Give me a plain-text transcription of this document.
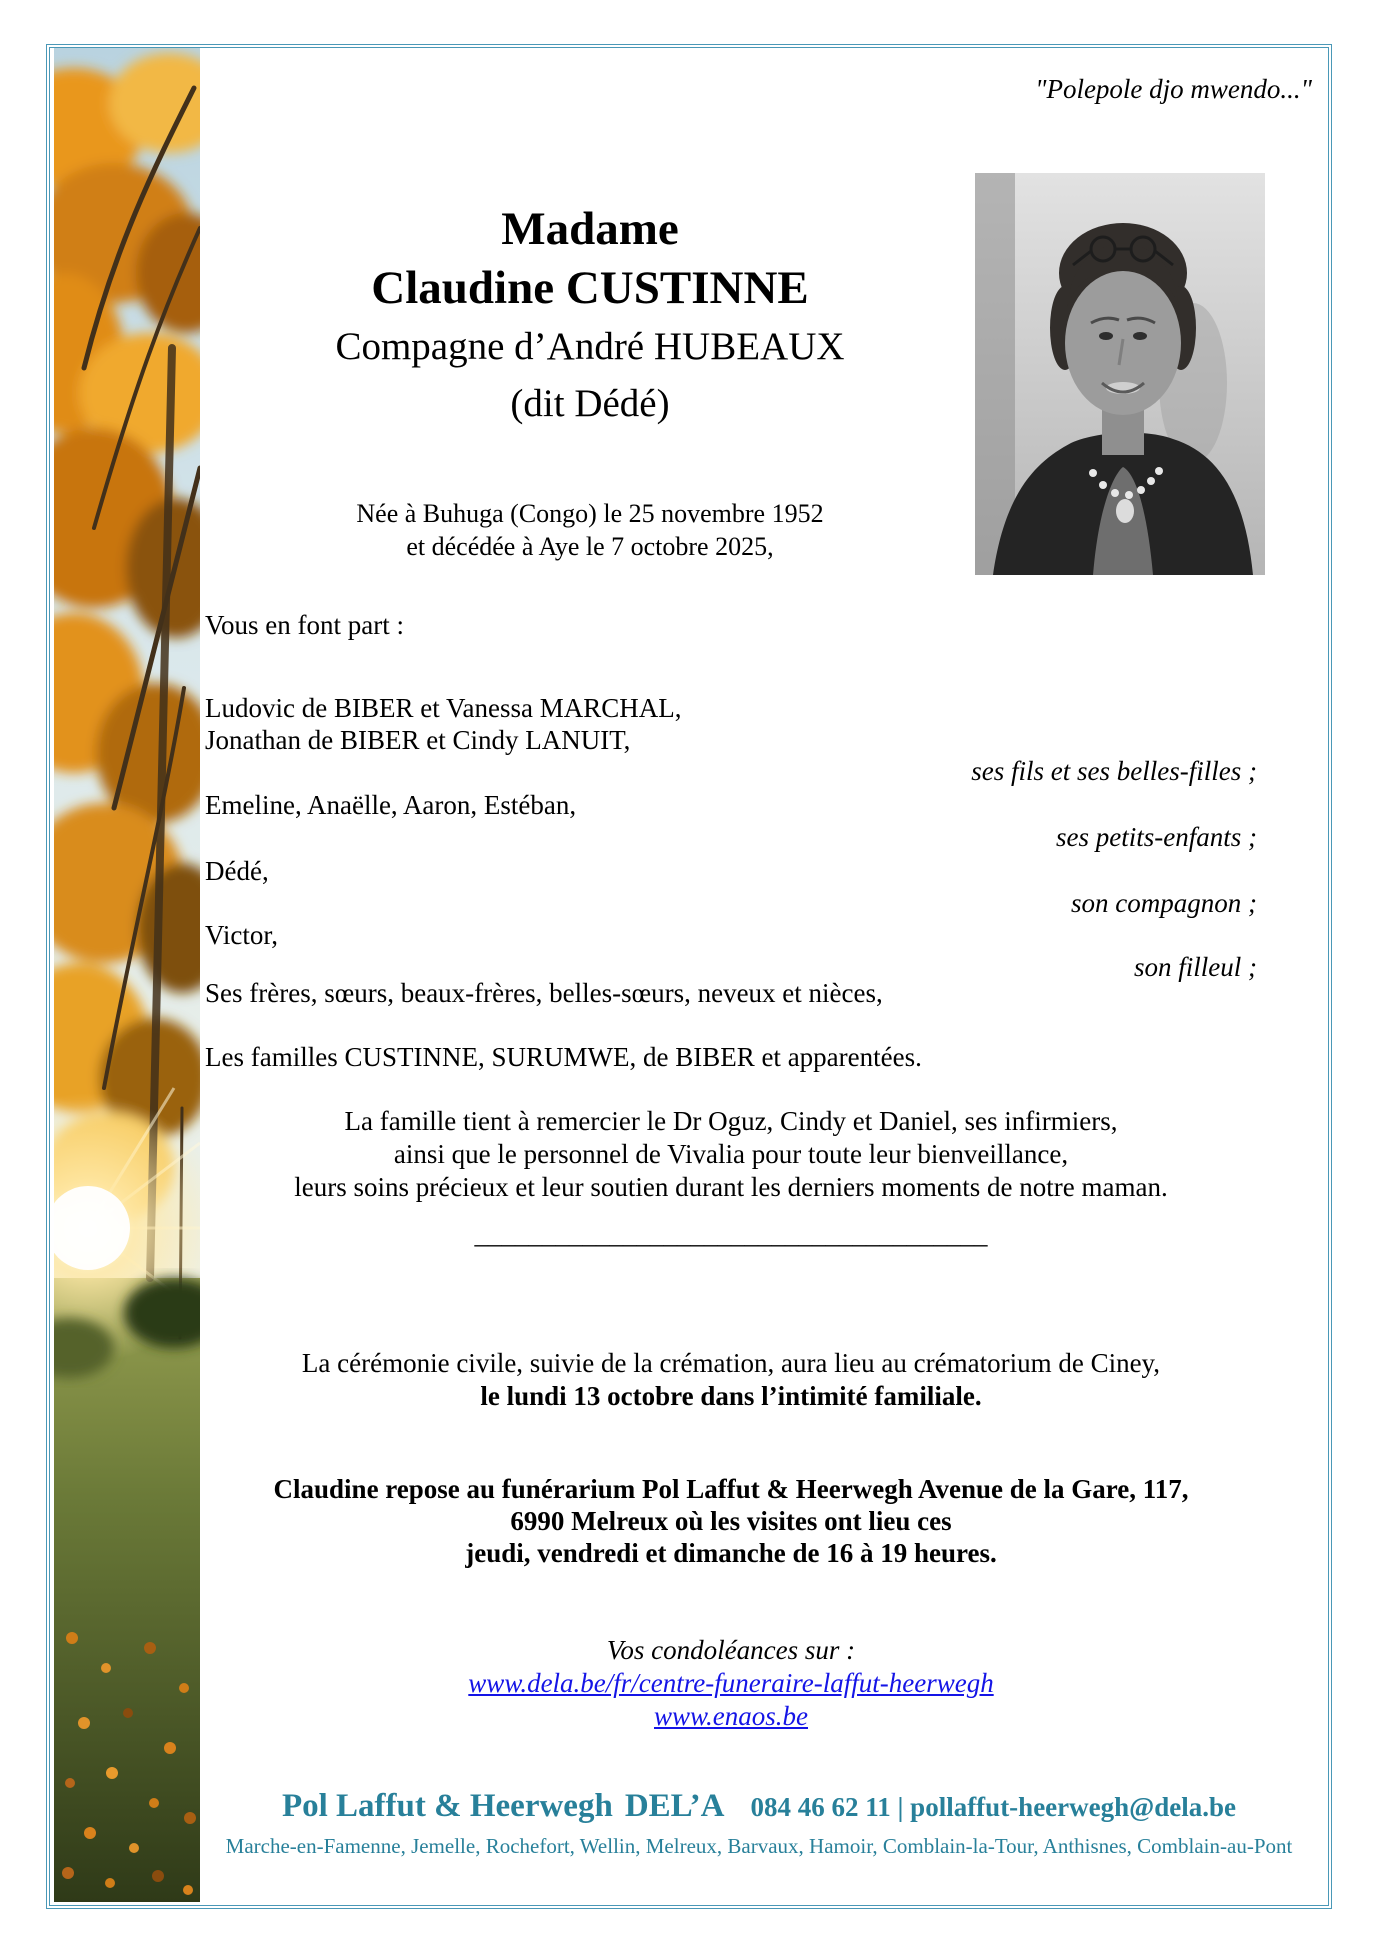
"Polepole djo mwendo..."
Madame
Claudine CUSTINNE
Compagne d’André HUBEAUX
(dit Dédé)
Née à Buhuga (Congo) le 25 novembre 1952
et décédée à Aye le 7 octobre 2025,
Vous en font part :
Ludovic de BIBER et Vanessa MARCHAL,
Jonathan de BIBER et Cindy LANUIT,
ses fils et ses belles-filles ;
Emeline, Anaëlle, Aaron, Estéban,
ses petits-enfants ;
Dédé,
son compagnon ;
Victor,
son filleul ;
Ses frères, sœurs, beaux-frères, belles-sœurs, neveux et nièces,
Les familles CUSTINNE, SURUMWE, de BIBER et apparentées.
La famille tient à remercier le Dr Oguz, Cindy et Daniel, ses infirmiers,
ainsi que le personnel de Vivalia pour toute leur bienveillance,
leurs soins précieux et leur soutien durant les derniers moments de notre maman.
______________________________________
La cérémonie civile, suivie de la crémation, aura lieu au crématorium de Ciney,
le lundi 13 octobre dans l’intimité familiale.
Claudine repose au funérarium Pol Laffut & Heerwegh Avenue de la Gare, 117,
6990 Melreux où les visites ont lieu ces
jeudi, vendredi et dimanche de 16 à 19 heures.
Vos condoléances sur :
www.dela.be/fr/centre-funeraire-laffut-heerwegh
www.enaos.be
Pol Laffut & Heerwegh DEL’A 084 46 62 11 | pollaffut-heerwegh@dela.be
Marche-en-Famenne, Jemelle, Rochefort, Wellin, Melreux, Barvaux, Hamoir, Comblain-la-Tour, Anthisnes, Comblain-au-Pont
